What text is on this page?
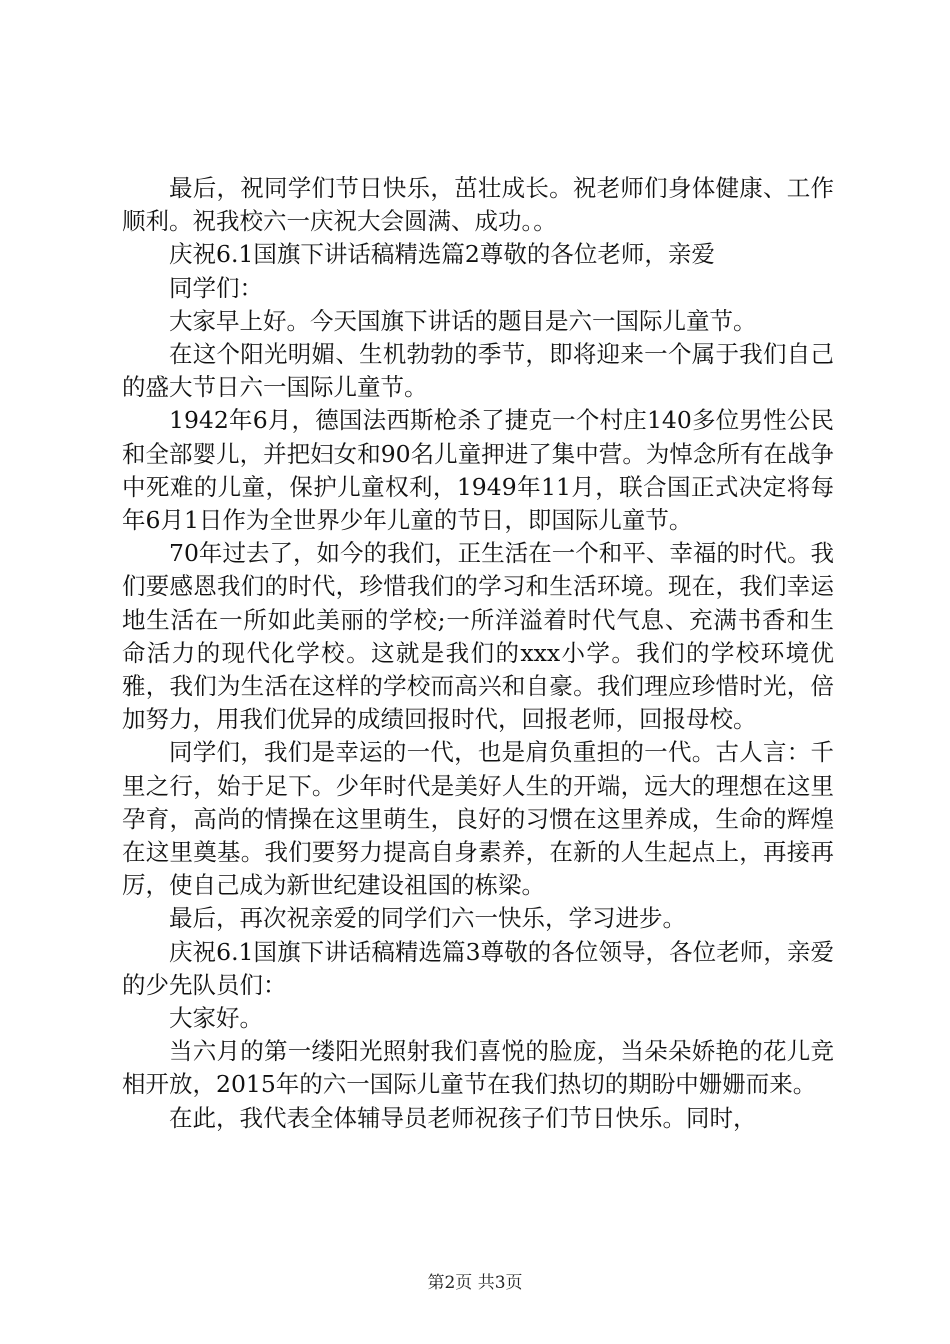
最后，祝同学们节日快乐，茁壮成长。祝老师们身体健康、工作顺利。祝我校六一庆祝大会圆满、成功。。

庆祝6.1国旗下讲话稿精选篇2尊敬的各位老师，亲爱

同学们：

大家早上好。今天国旗下讲话的题目是六一国际儿童节。

在这个阳光明媚、生机勃勃的季节，即将迎来一个属于我们自己的盛大节日六一国际儿童节。

1942年6月，德国法西斯枪杀了捷克一个村庄140多位男性公民和全部婴儿，并把妇女和90名儿童押进了集中营。为悼念所有在战争中死难的儿童，保护儿童权利，1949年11月，联合国正式决定将每年6月1日作为全世界少年儿童的节日，即国际儿童节。

70年过去了，如今的我们，正生活在一个和平、幸福的时代。我们要感恩我们的时代，珍惜我们的学习和生活环境。现在，我们幸运地生活在一所如此美丽的学校;一所洋溢着时代气息、充满书香和生命活力的现代化学校。这就是我们的xxx小学。我们的学校环境优雅，我们为生活在这样的学校而高兴和自豪。我们理应珍惜时光，倍加努力，用我们优异的成绩回报时代，回报老师，回报母校。

同学们，我们是幸运的一代，也是肩负重担的一代。古人言：千里之行，始于足下。少年时代是美好人生的开端，远大的理想在这里孕育，高尚的情操在这里萌生，良好的习惯在这里养成，生命的辉煌在这里奠基。我们要努力提高自身素养，在新的人生起点上，再接再厉，使自己成为新世纪建设祖国的栋梁。

最后，再次祝亲爱的同学们六一快乐，学习进步。

庆祝6.1国旗下讲话稿精选篇3尊敬的各位领导，各位老师，亲爱的少先队员们：

大家好。

当六月的第一缕阳光照射我们喜悦的脸庞，当朵朵娇艳的花儿竞相开放，2015年的六一国际儿童节在我们热切的期盼中姗姗而来。

在此，我代表全体辅导员老师祝孩子们节日快乐。同时，

第2页 共3页
